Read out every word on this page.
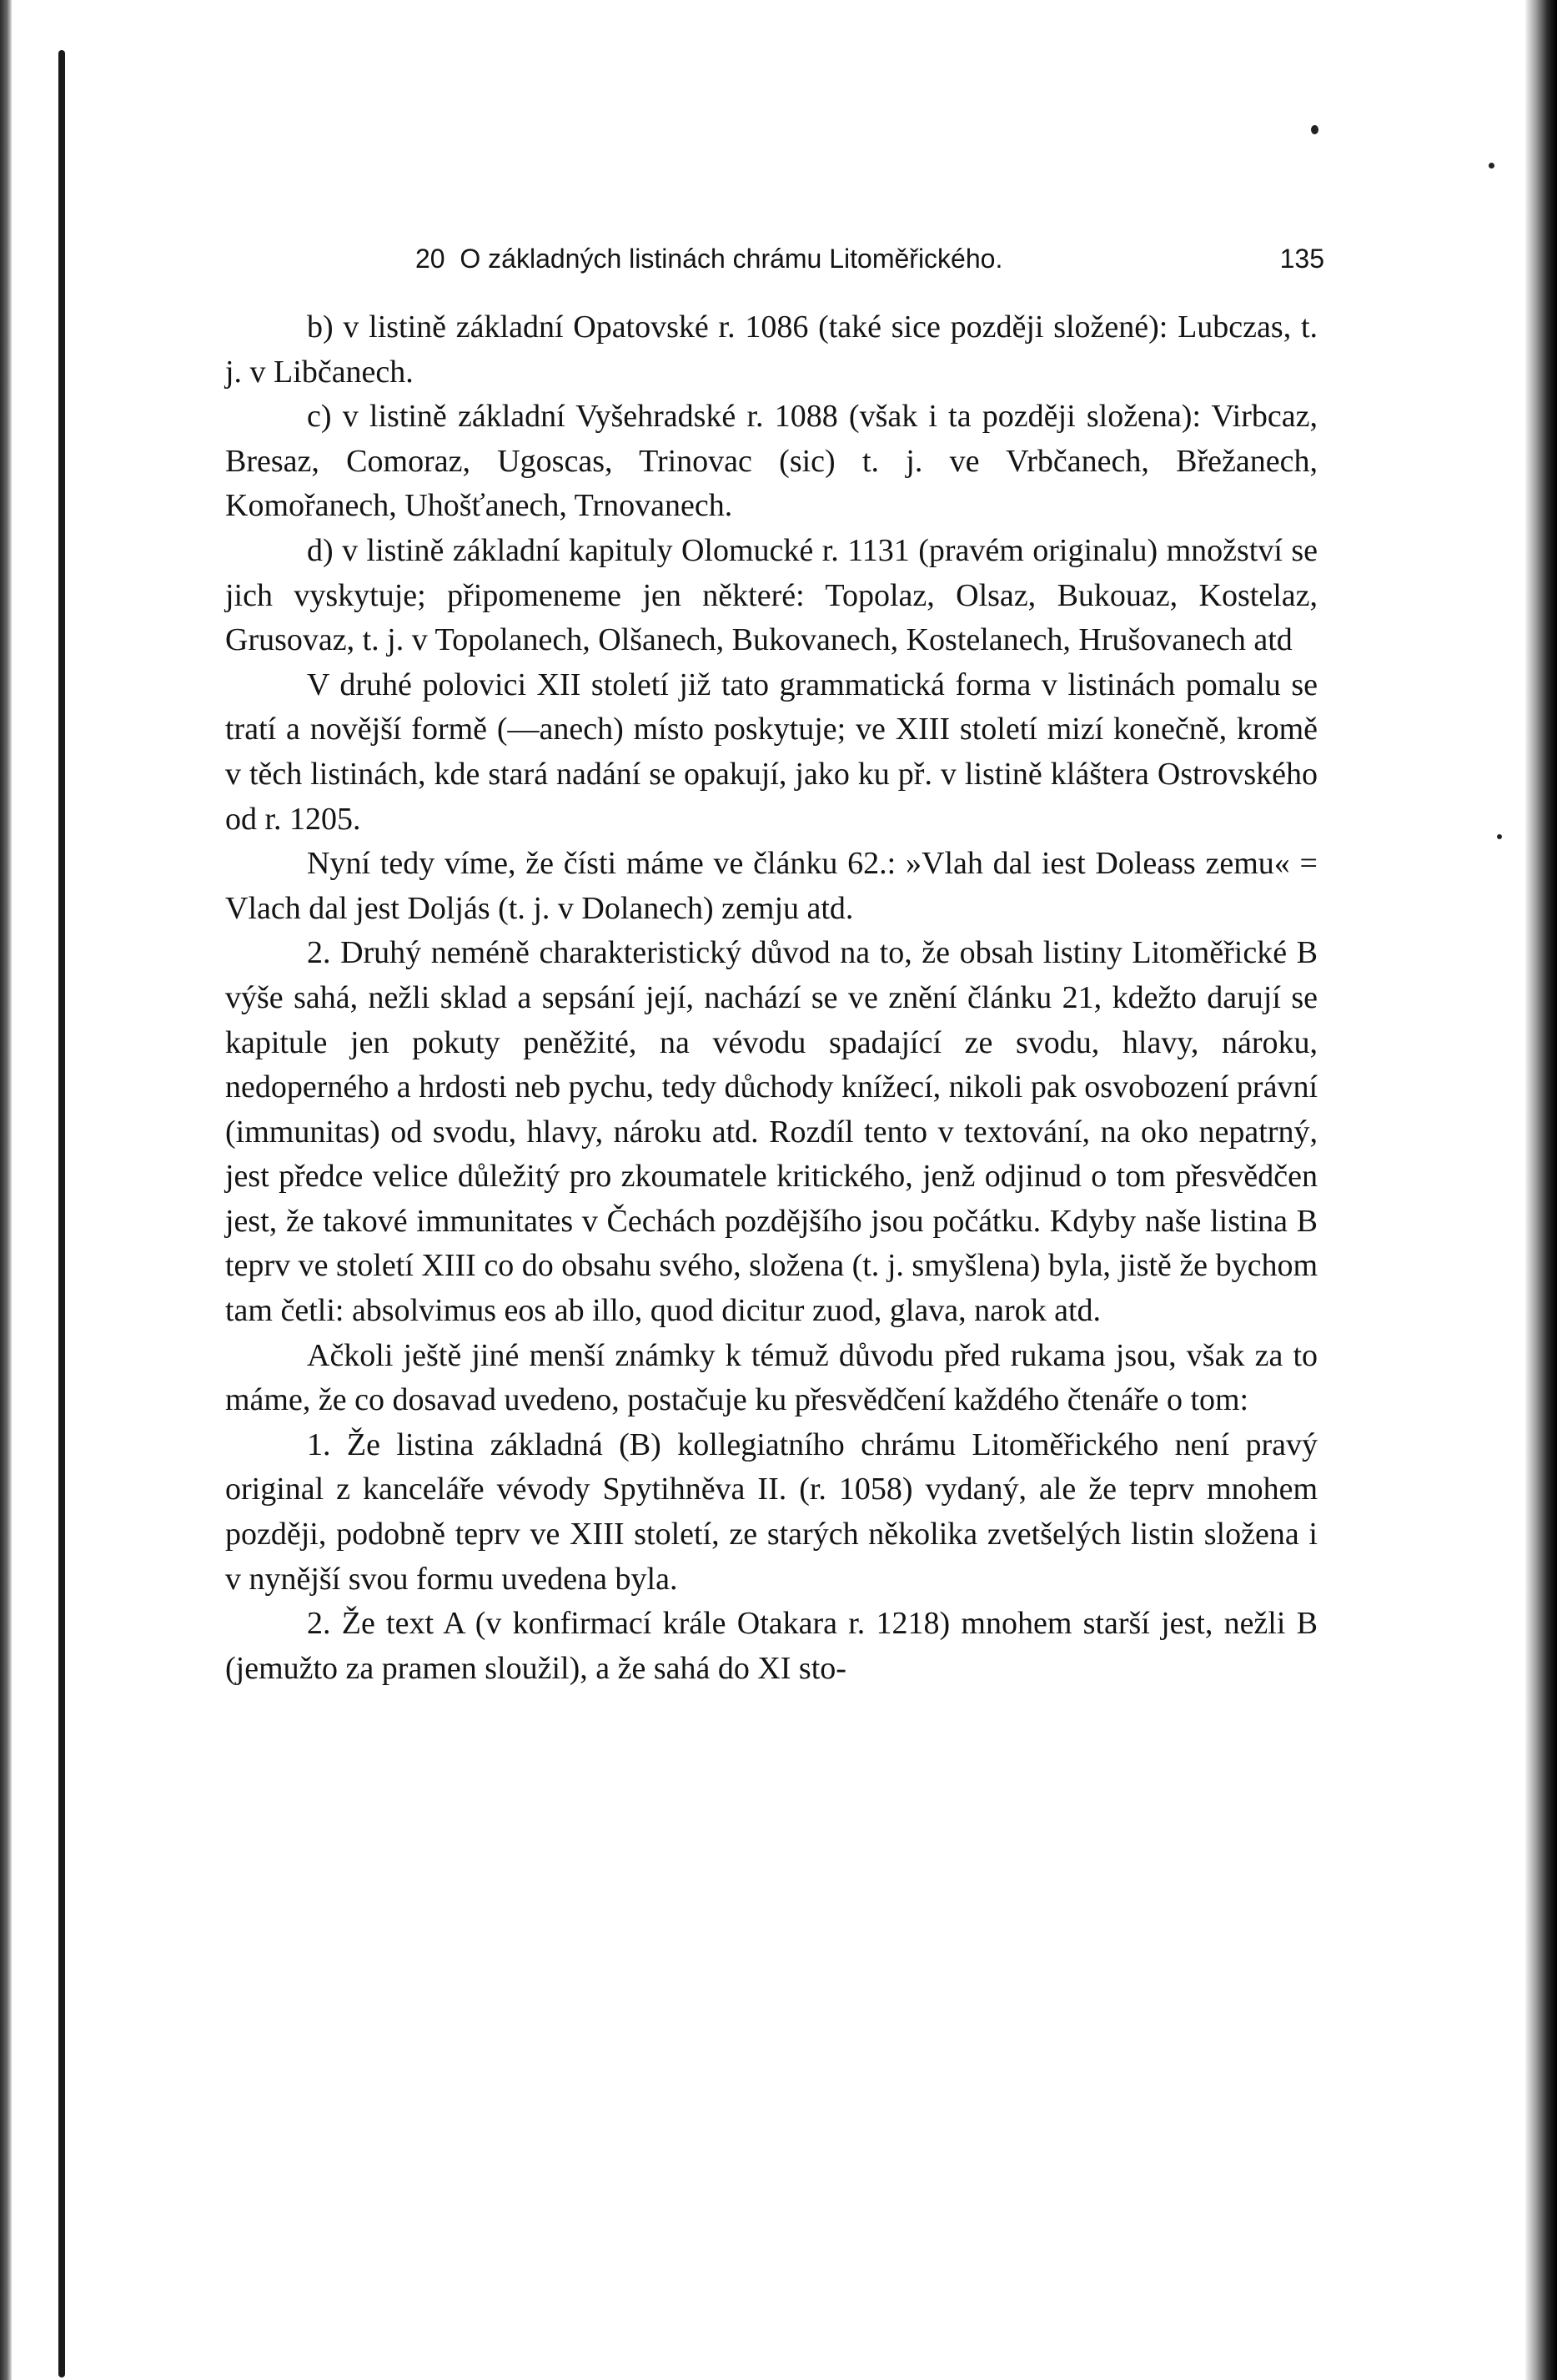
20 O základných listinách chrámu Litoměřického.	135

b) v listině základní Opatovské r. 1086 (také sice později složené): Lubczas, t. j. v Libčanech.

c) v listině základní Vyšehradské r. 1088 (však i ta později složena): Virbcaz, Bresaz, Comoraz, Ugoscas, Trinovac (sic) t. j. ve Vrbčanech, Břežanech, Komořanech, Uhošťanech, Trnovanech.

d) v listině základní kapituly Olomucké r. 1131 (pravém originalu) množství se jich vyskytuje; připomeneme jen některé: Topolaz, Olsaz, Bukouaz, Kostelaz, Grusovaz, t. j. v Topolanech, Olšanech, Bukovanech, Kostelanech, Hrušovanech atd

V druhé polovici XII století již tato grammatická forma v listinách pomalu se tratí a novější formě (—anech) místo poskytuje; ve XIII století mizí konečně, kromě v těch listinách, kde stará nadání se opakují, jako ku př. v listině kláštera Ostrovského od r. 1205.

Nyní tedy víme, že čísti máme ve článku 62.: »Vlah dal iest Doleass zemu« = Vlach dal jest Doljás (t. j. v Dolanech) zemju atd.

2. Druhý neméně charakteristický důvod na to, že obsah listiny Litoměřické B výše sahá, nežli sklad a sepsání její, nachází se ve znění článku 21, kdežto darují se kapitule jen pokuty peněžité, na vévodu spadající ze svodu, hlavy, nároku, nedoperného a hrdosti neb pychu, tedy důchody knížecí, nikoli pak osvobození právní (immunitas) od svodu, hlavy, nároku atd. Rozdíl tento v textování, na oko nepatrný, jest předce velice důležitý pro zkoumatele kritického, jenž odjinud o tom přesvědčen jest, že takové immunitates v Čechách pozdějšího jsou počátku. Kdyby naše listina B teprv ve století XIII co do obsahu svého, složena (t. j. smyšlena) byla, jistě že bychom tam četli: absolvimus eos ab illo, quod dicitur zuod, glava, narok atd.

Ačkoli ještě jiné menší známky k témuž důvodu před rukama jsou, však za to máme, že co dosavad uvedeno, postačuje ku přesvědčení každého čtenáře o tom:

1. Že listina základná (B) kollegiatního chrámu Litoměřického není pravý original z kanceláře vévody Spytihněva II. (r. 1058) vydaný, ale že teprv mnohem později, podobně teprv ve XIII století, ze starých několika zvetšelých listin složena i v nynější svou formu uvedena byla.

2. Že text A (v konfirmací krále Otakara r. 1218) mnohem starší jest, nežli B (jemužto za pramen sloužil), a že sahá do XI sto-
